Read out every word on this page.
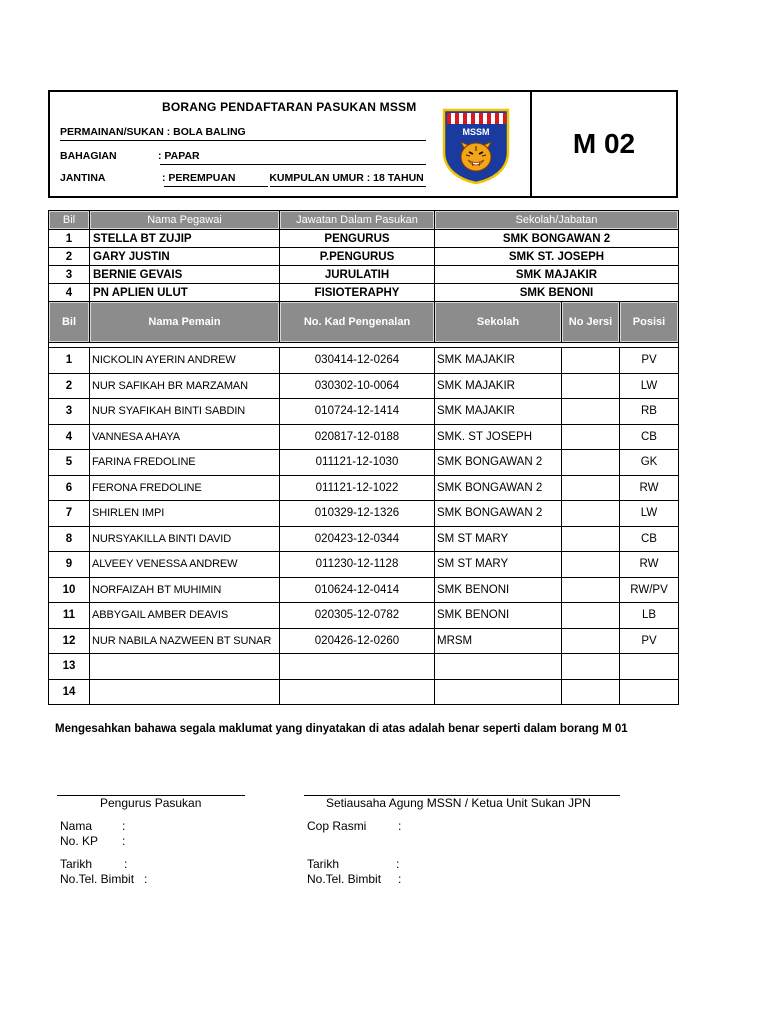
BORANG PENDAFTARAN PASUKAN MSSM
PERMAINAN/SUKAN : BOLA BALING
BAHAGIAN	: PAPAR
JANTINA	: PEREMPUAN	KUMPULAN UMUR : 18 TAHUN
MSSM	M 02
Bil	Nama Pegawai	Jawatan Dalam Pasukan	Sekolah/Jabatan
1	STELLA BT ZUJIP	PENGURUS	SMK BONGAWAN 2
2	GARY JUSTIN	P.PENGURUS	SMK ST. JOSEPH
3	BERNIE GEVAIS	JURULATIH	SMK MAJAKIR
4	PN APLIEN ULUT	FISIOTERAPHY	SMK BENONI
Bil	Nama Pemain	No. Kad Pengenalan	Sekolah	No Jersi	Posisi

1	NICKOLIN AYERIN ANDREW	030414-12-0264	SMK MAJAKIR		PV
2	NUR SAFIKAH BR MARZAMAN	030302-10-0064	SMK MAJAKIR		LW
3	NUR SYAFIKAH BINTI SABDIN	010724-12-1414	SMK MAJAKIR		RB
4	VANNESA AHAYA	020817-12-0188	SMK. ST JOSEPH		CB
5	FARINA FREDOLINE	011121-12-1030	SMK BONGAWAN 2		GK
6	FERONA FREDOLINE	011121-12-1022	SMK BONGAWAN 2		RW
7	SHIRLEN IMPI	010329-12-1326	SMK BONGAWAN 2		LW
8	NURSYAKILLA BINTI DAVID	020423-12-0344	SM ST MARY		CB
9	ALVEEY VENESSA ANDREW	011230-12-1128	SM ST MARY		RW
10	NORFAIZAH BT MUHIMIN	010624-12-0414	SMK BENONI		RW/PV
11	ABBYGAIL AMBER DEAVIS	020305-12-0782	SMK BENONI		LB
12	NUR NABILA NAZWEEN BT SUNAR	020426-12-0260	MRSM		PV
13					
14					
Mengesahkan bahawa segala maklumat yang dinyatakan di atas adalah benar seperti dalam borang M 01
Pengurus Pasukan	Setiausaha Agung MSSN / Ketua Unit Sukan JPN
Nama :
No. KP :
Tarikh	:
No.Tel. Bimbit :
Cop Rasmi	:
Tarikh	:
No.Tel. Bimbit :
